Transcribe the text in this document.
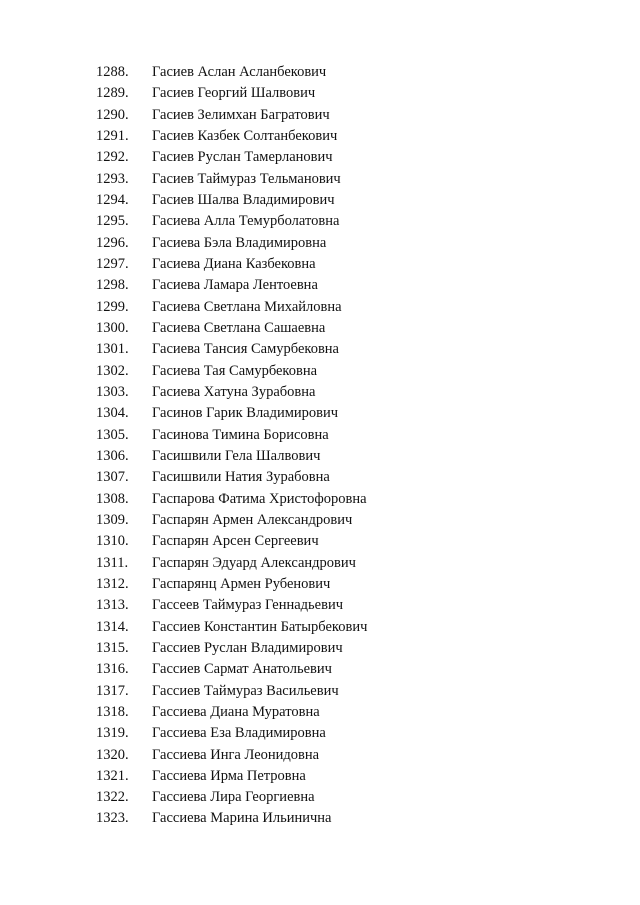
1288.	Гасиев Аслан Асланбекович
1289.	Гасиев Георгий Шалвович
1290.	Гасиев Зелимхан Багратович
1291.	Гасиев Казбек Солтанбекович
1292.	Гасиев Руслан Тамерланович
1293.	Гасиев Таймураз Тельманович
1294.	Гасиев Шалва Владимирович
1295.	Гасиева Алла Темурболатовна
1296.	Гасиева Бэла Владимировна
1297.	Гасиева Диана Казбековна
1298.	Гасиева Ламара Лентоевна
1299.	Гасиева Светлана Михайловна
1300.	Гасиева Светлана Сашаевна
1301.	Гасиева Тансия Самурбековна
1302.	Гасиева Тая Самурбековна
1303.	Гасиева Хатуна Зурабовна
1304.	Гасинов Гарик Владимирович
1305.	Гасинова Тимина Борисовна
1306.	Гасишвили Гела Шалвович
1307.	Гасишвили Натия Зурабовна
1308.	Гаспарова Фатима Христофоровна
1309.	Гаспарян Армен Александрович
1310.	Гаспарян Арсен Сергеевич
1311.	Гаспарян Эдуард Александрович
1312.	Гаспарянц Армен Рубенович
1313.	Гассеев Таймураз Геннадьевич
1314.	Гассиев Константин Батырбекович
1315.	Гассиев Руслан Владимирович
1316.	Гассиев Сармат Анатольевич
1317.	Гассиев Таймураз Васильевич
1318.	Гассиева Диана Муратовна
1319.	Гассиева Еза Владимировна
1320.	Гассиева Инга Леонидовна
1321.	Гассиева Ирма Петровна
1322.	Гассиева Лира Георгиевна
1323.	Гассиева Марина Ильинична
